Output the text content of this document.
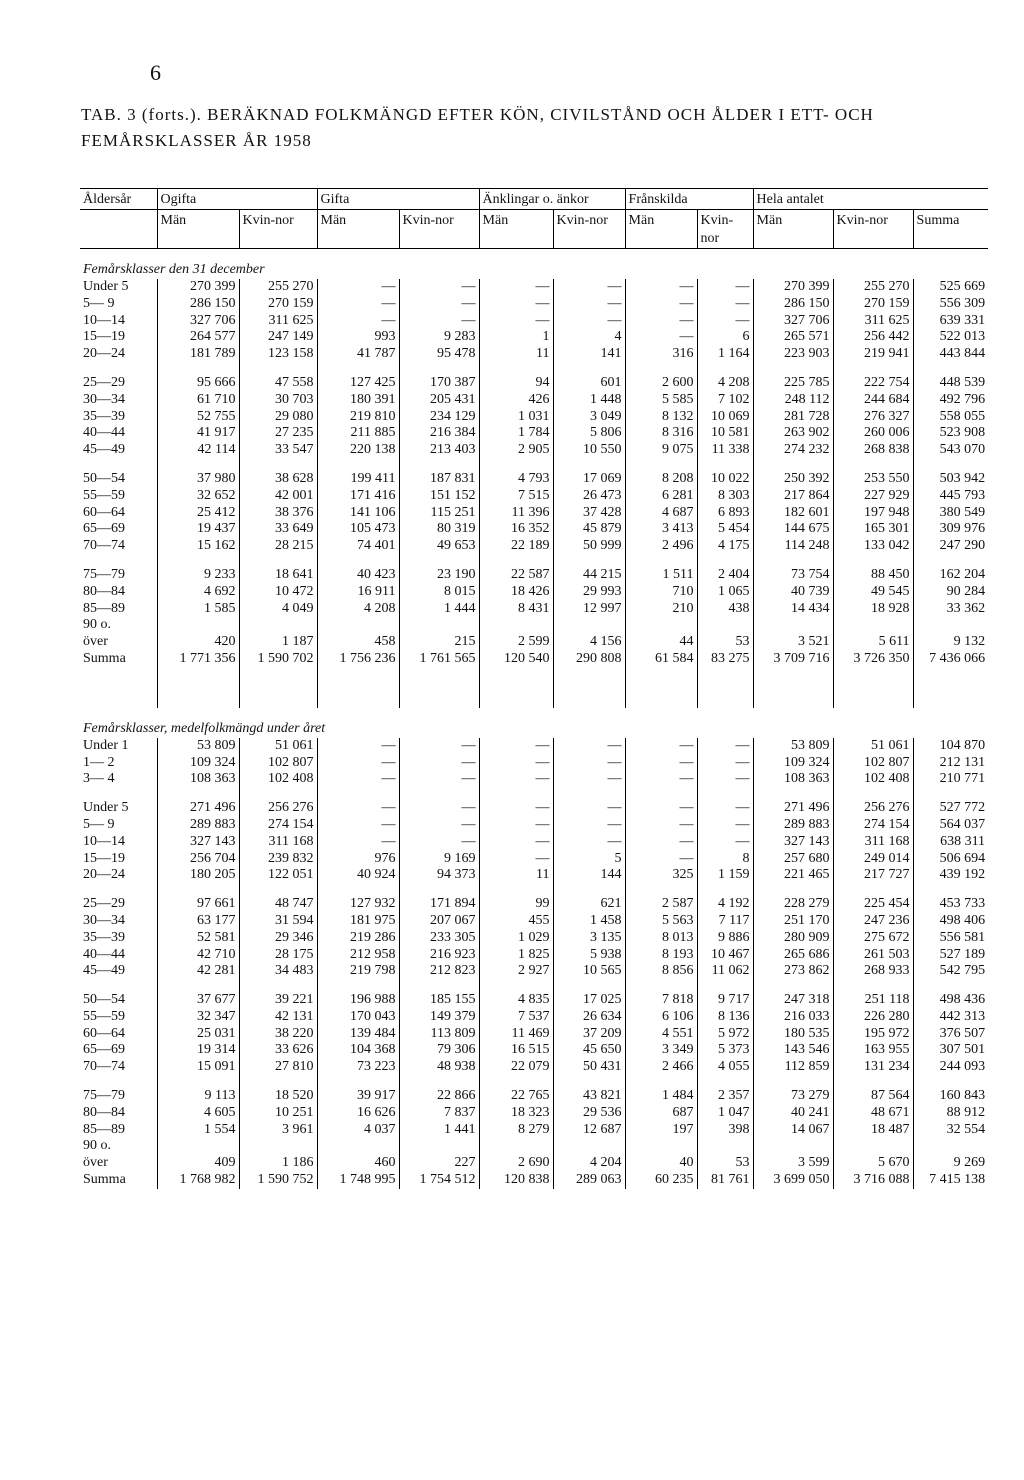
6
TAB. 3 (forts.). BERÄKNAD FOLKMÄNGD EFTER KÖN, CIVILSTÅND OCH ÅLDER I ETT- OCH
FEMÅRSKLASSER ÅR 1958
Åldersår	Ogifta		Gifta		Änklingar o. änkor		Frånskilda		Hela antalet		
	Män	Kvin-nor	Män	Kvin-nor	Män	Kvin-nor	Män	Kvin-nor	Män	Kvin-nor	Summa
Femårsklasser den 31 december											
Under 5	270 399	255 270	—	—	—	—	—	—	270 399	255 270	525 669
5— 9	286 150	270 159	—	—	—	—	—	—	286 150	270 159	556 309
10—14	327 706	311 625	—	—	—	—	—	—	327 706	311 625	639 331
15—19	264 577	247 149	993	9 283	1	4	—	6	265 571	256 442	522 013
20—24	181 789	123 158	41 787	95 478	11	141	316	1 164	223 903	219 941	443 844

25—29	95 666	47 558	127 425	170 387	94	601	2 600	4 208	225 785	222 754	448 539
30—34	61 710	30 703	180 391	205 431	426	1 448	5 585	7 102	248 112	244 684	492 796
35—39	52 755	29 080	219 810	234 129	1 031	3 049	8 132	10 069	281 728	276 327	558 055
40—44	41 917	27 235	211 885	216 384	1 784	5 806	8 316	10 581	263 902	260 006	523 908
45—49	42 114	33 547	220 138	213 403	2 905	10 550	9 075	11 338	274 232	268 838	543 070

50—54	37 980	38 628	199 411	187 831	4 793	17 069	8 208	10 022	250 392	253 550	503 942
55—59	32 652	42 001	171 416	151 152	7 515	26 473	6 281	8 303	217 864	227 929	445 793
60—64	25 412	38 376	141 106	115 251	11 396	37 428	4 687	6 893	182 601	197 948	380 549
65—69	19 437	33 649	105 473	80 319	16 352	45 879	3 413	5 454	144 675	165 301	309 976
70—74	15 162	28 215	74 401	49 653	22 189	50 999	2 496	4 175	114 248	133 042	247 290

75—79	9 233	18 641	40 423	23 190	22 587	44 215	1 511	2 404	73 754	88 450	162 204
80—84	4 692	10 472	16 911	8 015	18 426	29 993	710	1 065	40 739	49 545	90 284
85—89	1 585	4 049	4 208	1 444	8 431	12 997	210	438	14 434	18 928	33 362
90 o.											
över	420	1 187	458	215	2 599	4 156	44	53	3 521	5 611	9 132
Summa	1 771 356	1 590 702	1 756 236	1 761 565	120 540	290 808	61 584	83 275	3 709 716	3 726 350	7 436 066

Femårsklasser, medelfolkmängd under året											
Under 1	53 809	51 061	—	—	—	—	—	—	53 809	51 061	104 870
1— 2	109 324	102 807	—	—	—	—	—	—	109 324	102 807	212 131
3— 4	108 363	102 408	—	—	—	—	—	—	108 363	102 408	210 771

Under 5	271 496	256 276	—	—	—	—	—	—	271 496	256 276	527 772
5— 9	289 883	274 154	—	—	—	—	—	—	289 883	274 154	564 037
10—14	327 143	311 168	—	—	—	—	—	—	327 143	311 168	638 311
15—19	256 704	239 832	976	9 169	—	5	—	8	257 680	249 014	506 694
20—24	180 205	122 051	40 924	94 373	11	144	325	1 159	221 465	217 727	439 192

25—29	97 661	48 747	127 932	171 894	99	621	2 587	4 192	228 279	225 454	453 733
30—34	63 177	31 594	181 975	207 067	455	1 458	5 563	7 117	251 170	247 236	498 406
35—39	52 581	29 346	219 286	233 305	1 029	3 135	8 013	9 886	280 909	275 672	556 581
40—44	42 710	28 175	212 958	216 923	1 825	5 938	8 193	10 467	265 686	261 503	527 189
45—49	42 281	34 483	219 798	212 823	2 927	10 565	8 856	11 062	273 862	268 933	542 795

50—54	37 677	39 221	196 988	185 155	4 835	17 025	7 818	9 717	247 318	251 118	498 436
55—59	32 347	42 131	170 043	149 379	7 537	26 634	6 106	8 136	216 033	226 280	442 313
60—64	25 031	38 220	139 484	113 809	11 469	37 209	4 551	5 972	180 535	195 972	376 507
65—69	19 314	33 626	104 368	79 306	16 515	45 650	3 349	5 373	143 546	163 955	307 501
70—74	15 091	27 810	73 223	48 938	22 079	50 431	2 466	4 055	112 859	131 234	244 093

75—79	9 113	18 520	39 917	22 866	22 765	43 821	1 484	2 357	73 279	87 564	160 843
80—84	4 605	10 251	16 626	7 837	18 323	29 536	687	1 047	40 241	48 671	88 912
85—89	1 554	3 961	4 037	1 441	8 279	12 687	197	398	14 067	18 487	32 554
90 o.											
över	409	1 186	460	227	2 690	4 204	40	53	3 599	5 670	9 269
Summa	1 768 982	1 590 752	1 748 995	1 754 512	120 838	289 063	60 235	81 761	3 699 050	3 716 088	7 415 138
